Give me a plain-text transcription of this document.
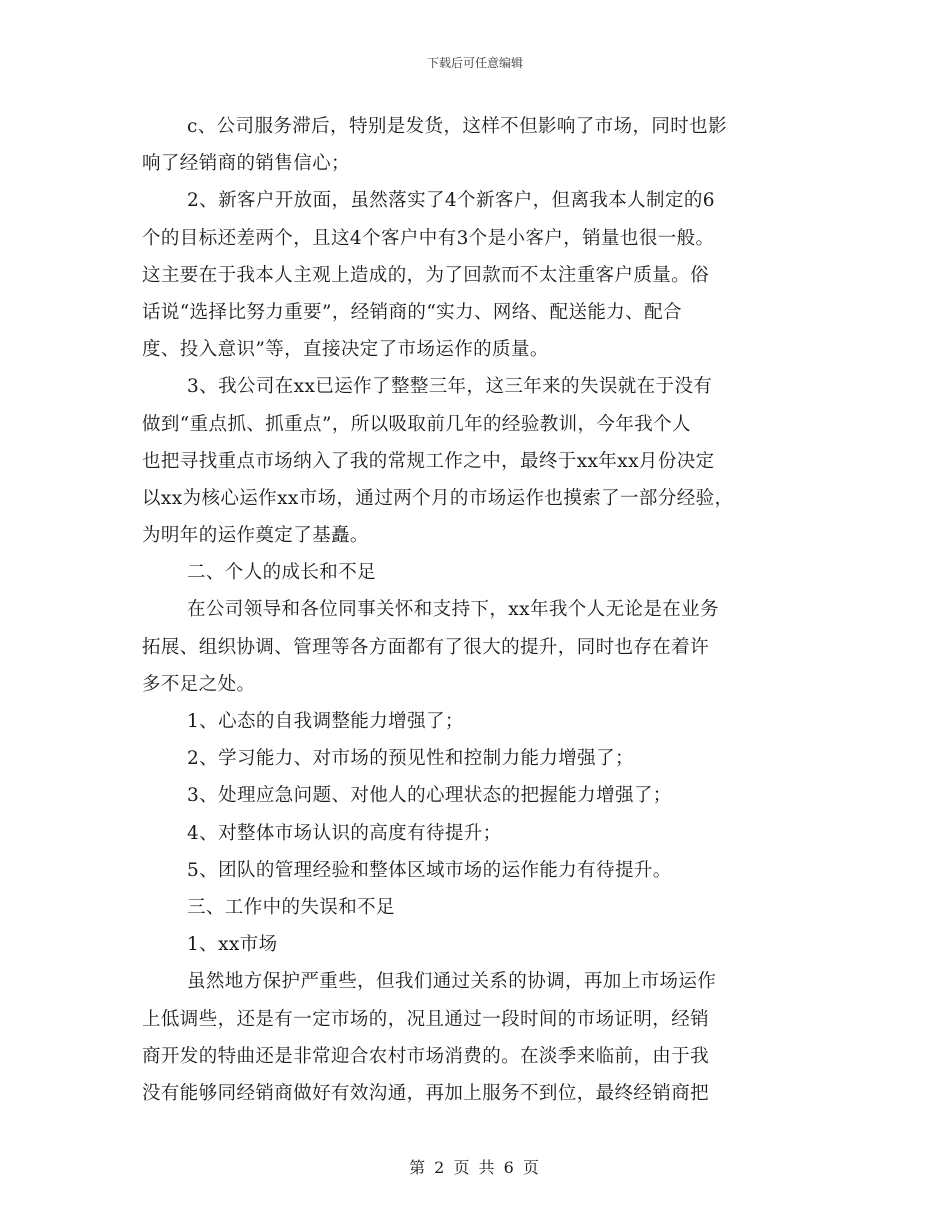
下载后可任意编辑
c、公司服务滞后，特别是发货，这样不但影响了市场，同时也影
响了经销商的销售信心；
2、新客户开放面，虽然落实了4个新客户，但离我本人制定的6
个的目标还差两个，且这4个客户中有3个是小客户，销量也很一般。
这主要在于我本人主观上造成的，为了回款而不太注重客户质量。俗
话说“选择比努力重要”，经销商的“实力、网络、配送能力、配合
度、投入意识”等，直接决定了市场运作的质量。
3、我公司在xx已运作了整整三年，这三年来的失误就在于没有
做到“重点抓、抓重点”，所以吸取前几年的经验教训，今年我个人
也把寻找重点市场纳入了我的常规工作之中，最终于xx年xx月份决定
以xx为核心运作xx市场，通过两个月的市场运作也摸索了一部分经验，
为明年的运作奠定了基矗。
二、个人的成长和不足
在公司领导和各位同事关怀和支持下，xx年我个人无论是在业务
拓展、组织协调、管理等各方面都有了很大的提升，同时也存在着许
多不足之处。
1、心态的自我调整能力增强了；
2、学习能力、对市场的预见性和控制力能力增强了；
3、处理应急问题、对他人的心理状态的把握能力增强了；
4、对整体市场认识的高度有待提升；
5、团队的管理经验和整体区域市场的运作能力有待提升。
三、工作中的失误和不足
1、xx市场
虽然地方保护严重些，但我们通过关系的协调，再加上市场运作
上低调些，还是有一定市场的，况且通过一段时间的市场证明，经销
商开发的特曲还是非常迎合农村市场消费的。在淡季来临前，由于我
没有能够同经销商做好有效沟通，再加上服务不到位，最终经销商把
第 2 页 共 6 页
